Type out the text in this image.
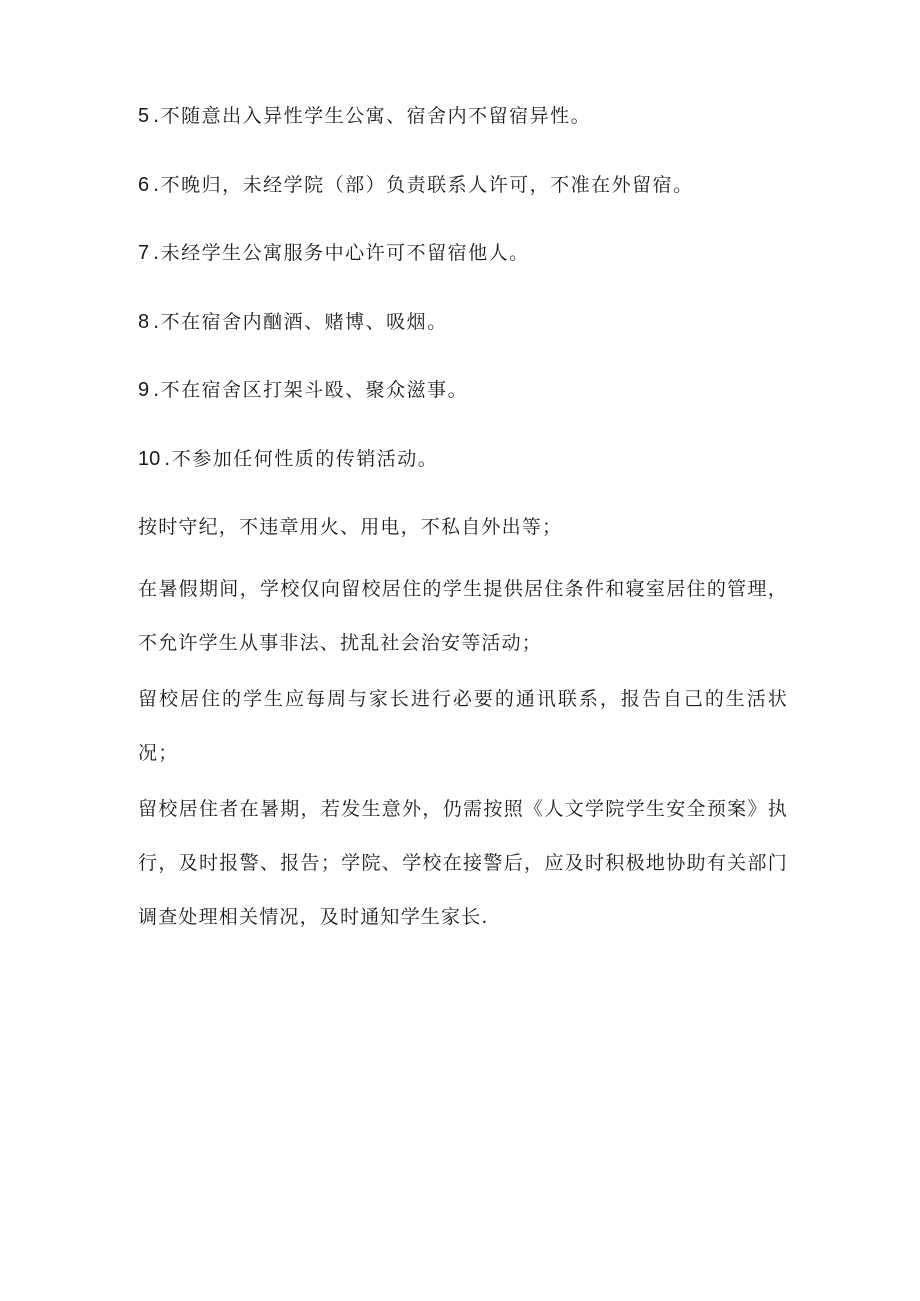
5 .不随意出入异性学生公寓、宿舍内不留宿异性。
6 .不晚归，未经学院（部）负责联系人许可，不准在外留宿。
7 .未经学生公寓服务中心许可不留宿他人。
8 .不在宿舍内酗酒、赌博、吸烟。
9 .不在宿舍区打架斗殴、聚众滋事。
10 .不参加任何性质的传销活动。
按时守纪，不违章用火、用电，不私自外出等；
在暑假期间，学校仅向留校居住的学生提供居住条件和寝室居住的管理，不允许学生从事非法、扰乱社会治安等活动；
留校居住的学生应每周与家长进行必要的通讯联系，报告自己的生活状况；
留校居住者在暑期，若发生意外，仍需按照《人文学院学生安全预案》执行，及时报警、报告；学院、学校在接警后，应及时积极地协助有关部门调查处理相关情况，及时通知学生家长.
